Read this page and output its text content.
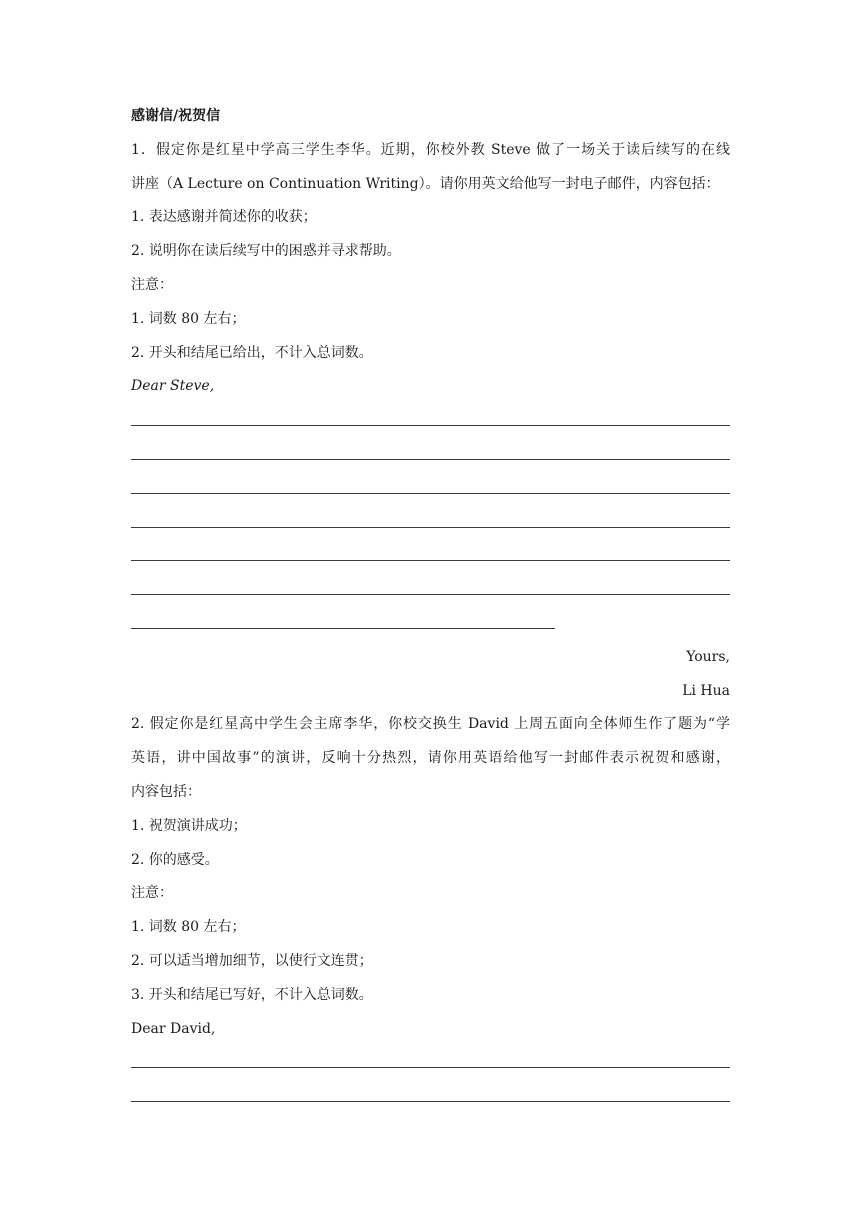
感谢信/祝贺信
1．假定你是红星中学高三学生李华。近期，你校外教 Steve 做了一场关于读后续写的在线
讲座（A Lecture on Continuation Writing）。请你用英文给他写一封电子邮件，内容包括：
1. 表达感谢并简述你的收获；
2. 说明你在读后续写中的困惑并寻求帮助。
注意：
1. 词数 80 左右；
2. 开头和结尾已给出，不计入总词数。
Dear Steve,
Yours,
Li Hua
2. 假定你是红星高中学生会主席李华，你校交换生 David 上周五面向全体师生作了题为“学
英语，讲中国故事”的演讲，反响十分热烈，请你用英语给他写一封邮件表示祝贺和感谢，
内容包括：
1. 祝贺演讲成功；
2. 你的感受。
注意：
1. 词数 80 左右；
2. 可以适当增加细节，以使行文连贯；
3. 开头和结尾已写好，不计入总词数。
Dear David,
